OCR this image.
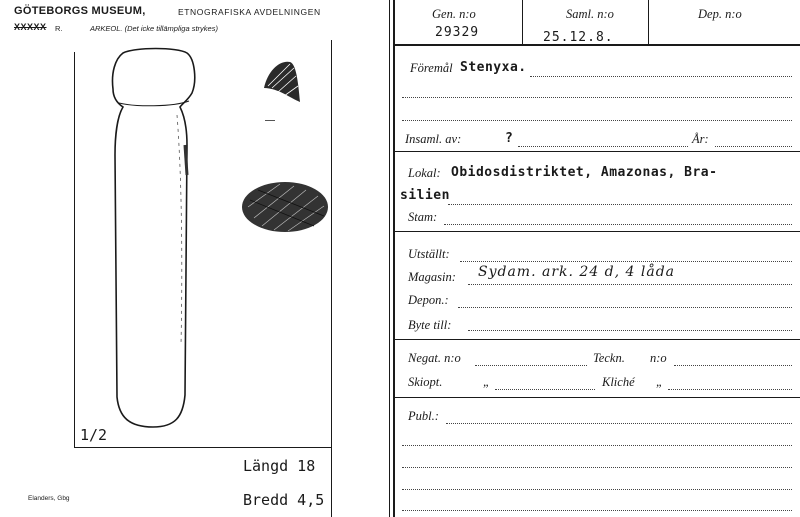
GÖTEBORGS MUSEUM,	ETNOGRAFISKA AVDELNINGEN
XXXXX R.	ARKEOL. (Det icke tillämpliga strykes)
1/2
Längd 18
Bredd 4,5
Elanders, Gbg
Gen. n:o
29329
Saml. n:o
25.12.8.
Dep. n:o
Föremål Stenyxa.
Insaml. av:	?	År:
Lokal: Obidosdistriktet, Amazonas, Bra-
silien
Stam:
Utställt:
Magasin: Sydam. ark. 24 d, 4 låda
Depon.:
Byte till:
Negat. n:o	Teckn. n:o
Skiopt.	„	Kliché „
Publ.:
